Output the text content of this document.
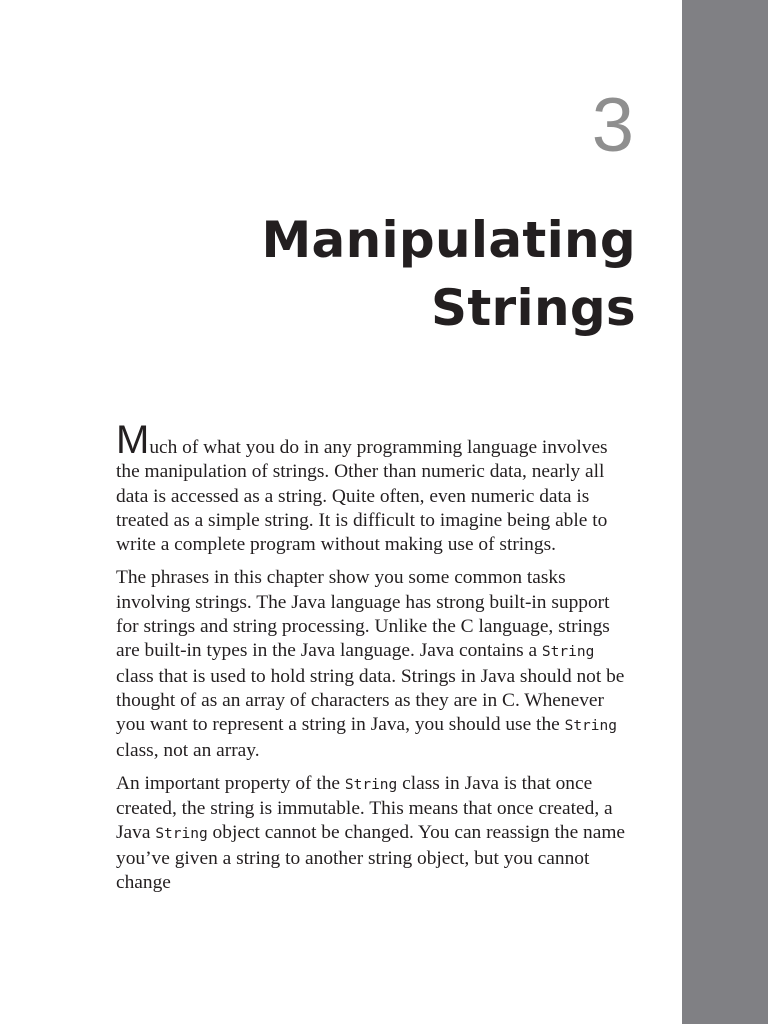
3
Manipulating
Strings

Much of what you do in any programming language involves the manipulation of strings. Other than numeric data, nearly all data is accessed as a string. Quite often, even numeric data is treated as a simple string. It is difficult to imagine being able to write a complete program without making use of strings.

The phrases in this chapter show you some common tasks involving strings. The Java language has strong built-in support for strings and string processing. Unlike the C language, strings are built-in types in the Java language. Java contains a String class that is used to hold string data. Strings in Java should not be thought of as an array of characters as they are in C. Whenever you want to represent a string in Java, you should use the String class, not an array.

An important property of the String class in Java is that once created, the string is immutable. This means that once created, a Java String object cannot be changed. You can reassign the name you’ve given a string to another string object, but you cannot change
